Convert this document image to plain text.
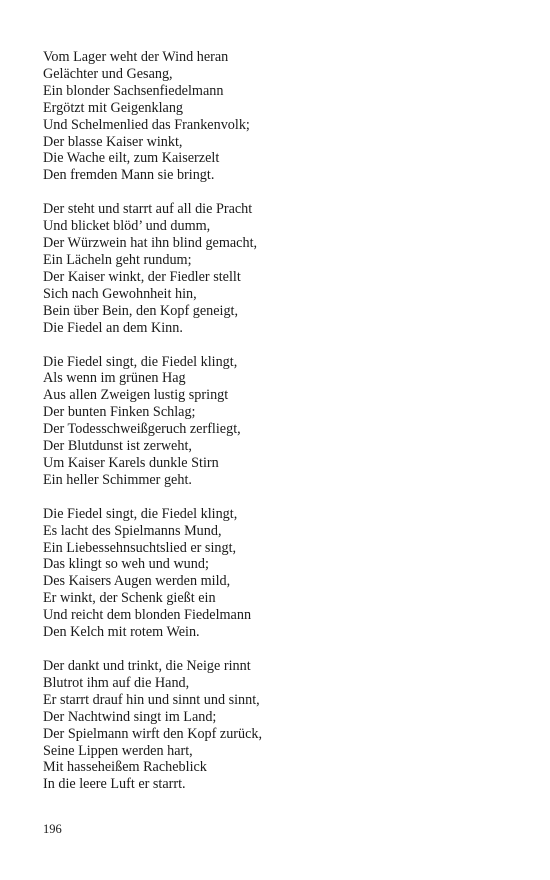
Vom Lager weht der Wind heran
Gelächter und Gesang,
Ein blonder Sachsenfiedelmann
Ergötzt mit Geigenklang
Und Schelmenlied das Frankenvolk;
Der blasse Kaiser winkt,
Die Wache eilt, zum Kaiserzelt
Den fremden Mann sie bringt.
Der steht und starrt auf all die Pracht
Und blicket blöd’ und dumm,
Der Würzwein hat ihn blind gemacht,
Ein Lächeln geht rundum;
Der Kaiser winkt, der Fiedler stellt
Sich nach Gewohnheit hin,
Bein über Bein, den Kopf geneigt,
Die Fiedel an dem Kinn.
Die Fiedel singt, die Fiedel klingt,
Als wenn im grünen Hag
Aus allen Zweigen lustig springt
Der bunten Finken Schlag;
Der Todesschweißgeruch zerfliegt,
Der Blutdunst ist zerweht,
Um Kaiser Karels dunkle Stirn
Ein heller Schimmer geht.
Die Fiedel singt, die Fiedel klingt,
Es lacht des Spielmanns Mund,
Ein Liebessehnsuchtslied er singt,
Das klingt so weh und wund;
Des Kaisers Augen werden mild,
Er winkt, der Schenk gießt ein
Und reicht dem blonden Fiedelmann
Den Kelch mit rotem Wein.
Der dankt und trinkt, die Neige rinnt
Blutrot ihm auf die Hand,
Er starrt drauf hin und sinnt und sinnt,
Der Nachtwind singt im Land;
Der Spielmann wirft den Kopf zurück,
Seine Lippen werden hart,
Mit hasseheißem Racheblick
In die leere Luft er starrt.
196
